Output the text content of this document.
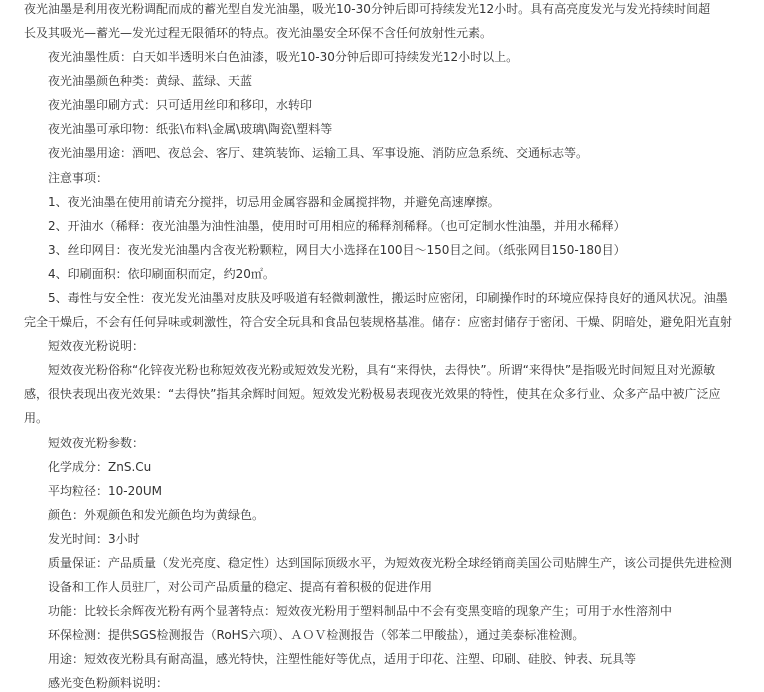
夜光油墨是利用夜光粉调配而成的蓄光型自发光油墨，吸光10-30分钟后即可持续发光12小时。具有高亮度发光与发光持续时间超
长及其吸光—蓄光—发光过程无限循环的特点。夜光油墨安全环保不含任何放射性元素。
夜光油墨性质：白天如半透明米白色油漆，吸光10-30分钟后即可持续发光12小时以上。
夜光油墨颜色种类：黄绿、蓝绿、天蓝
夜光油墨印刷方式：只可适用丝印和移印，水转印
夜光油墨可承印物：纸张\布料\金属\玻璃\陶瓷\塑料等
夜光油墨用途：酒吧、夜总会、客厅、建筑装饰、运输工具、军事设施、消防应急系统、交通标志等。
注意事项：
1、夜光油墨在使用前请充分搅拌，切忌用金属容器和金属搅拌物，并避免高速摩擦。
2、开油水（稀释：夜光油墨为油性油墨，使用时可用相应的稀释剂稀释。（也可定制水性油墨，并用水稀释）
3、丝印网目：夜光发光油墨内含夜光粉颗粒，网目大小选择在100目～150目之间。（纸张网目150-180目）
4、印刷面积：依印刷面积而定，约20㎡。
5、毒性与安全性：夜光发光油墨对皮肤及呼吸道有轻微刺激性，搬运时应密闭，印刷操作时的环境应保持良好的通风状况。油墨
完全干燥后，不会有任何异味或刺激性，符合安全玩具和食品包装规格基准。储存：应密封储存于密闭、干燥、阴暗处，避免阳光直射
短效夜光粉说明：
短效夜光粉俗称“化锌夜光粉也称短效夜光粉或短效发光粉，具有“来得快，去得快”。所谓“来得快”是指吸光时间短且对光源敏
感，很快表现出夜光效果：“去得快”指其余辉时间短。短效发光粉极易表现夜光效果的特性，使其在众多行业、众多产品中被广泛应
用。
短效夜光粉参数：
化学成分：ZnS.Cu
平均粒径：10-20UM
颜色：外观颜色和发光颜色均为黄绿色。
发光时间：3小时
质量保证：产品质量（发光亮度、稳定性）达到国际顶级水平，为短效夜光粉全球经销商美国公司贴牌生产，该公司提供先进检测
设备和工作人员驻厂，对公司产品质量的稳定、提高有着积极的促进作用
功能：比较长余辉夜光粉有两个显著特点：短效夜光粉用于塑料制品中不会有变黑变暗的现象产生；可用于水性溶剂中
环保检测：提供SGS检测报告（RoHS六项）、ＡＯＶ检测报告（邻苯二甲酸盐），通过美泰标准检测。
用途：短效夜光粉具有耐高温，感光特快，注塑性能好等优点，适用于印花、注塑、印刷、硅胶、钟表、玩具等
感光变色粉颜料说明：
